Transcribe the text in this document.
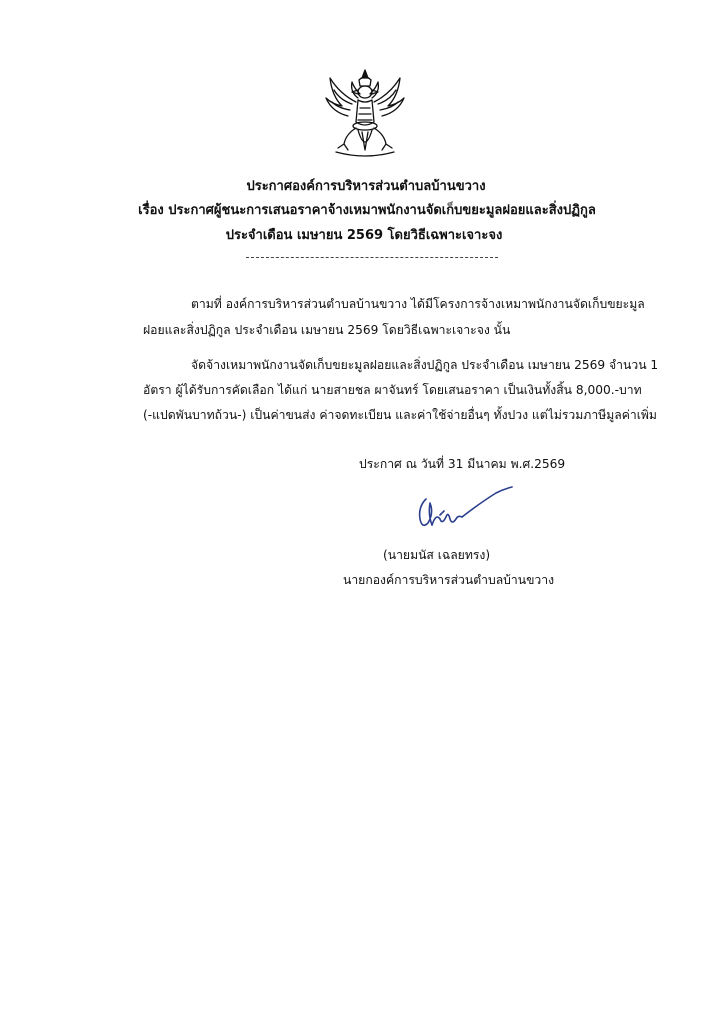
ประกาศองค์การบริหารส่วนตำบลบ้านขวาง
เรื่อง ประกาศผู้ชนะการเสนอราคาจ้างเหมาพนักงานจัดเก็บขยะมูลฝอยและสิ่งปฏิกูล
ประจำเดือน เมษายน 2569 โดยวิธีเฉพาะเจาะจง
ตามที่ องค์การบริหารส่วนตำบลบ้านขวาง ได้มีโครงการจ้างเหมาพนักงานจัดเก็บขยะมูล
ฝอยและสิ่งปฏิกูล ประจำเดือน เมษายน 2569 โดยวิธีเฉพาะเจาะจง นั้น
จัดจ้างเหมาพนักงานจัดเก็บขยะมูลฝอยและสิ่งปฏิกูล ประจำเดือน เมษายน 2569 จำนวน 1
อัตรา ผู้ได้รับการคัดเลือก ได้แก่ นายสายชล ผาจันทร์ โดยเสนอราคา เป็นเงินทั้งสิ้น 8,000.-บาท
(-แปดพันบาทถ้วน-) เป็นค่าขนส่ง ค่าจดทะเบียน และค่าใช้จ่ายอื่นๆ ทั้งปวง แต่ไม่รวมภาษีมูลค่าเพิ่ม
ประกาศ ณ วันที่ 31 มีนาคม พ.ศ.2569
(นายมนัส เฉลยทรง)
นายกองค์การบริหารส่วนตำบลบ้านขวาง
